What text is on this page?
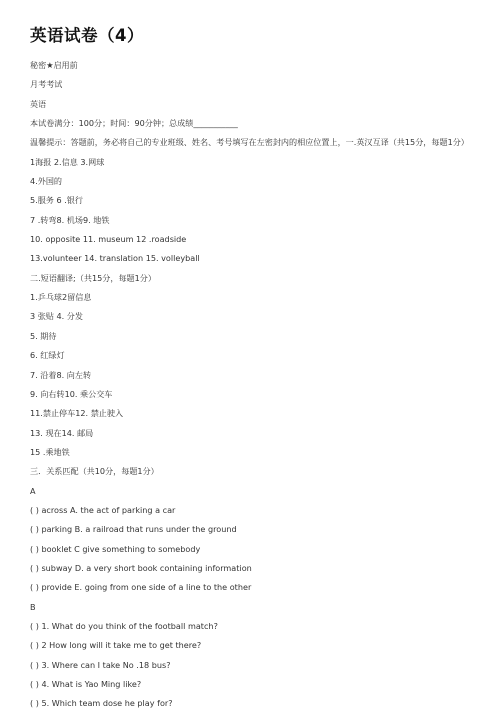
英语试卷（4）
秘密★启用前
月考考试
英语
本试卷满分：100分；时间：90分钟；总成绩___________
温馨提示：答题前，务必将自己的专业班级、姓名、考号填写在左密封内的相应位置上，一.英汉互译（共15分，每题1分）
1海报 2.信息 3.网球
4.外国的
5.服务 6 .银行
7 .转弯8. 机场9. 地铁
10. opposite 11. museum 12 .roadside
13.volunteer 14. translation 15. volleyball
二.短语翻译;（共15分，每题1分）
1.乒乓球2留信息
3 张贴 4. 分发
5. 期待
6. 红绿灯
7. 沿着8. 向左转
9. 向右转10. 乘公交车
11.禁止停车12. 禁止驶入
13. 现在14. 邮局
15 .乘地铁
三．关系匹配（共10分，每题1分）
A
( ) across A. the act of parking a car
( ) parking B. a railroad that runs under the ground
( ) booklet C give something to somebody
( ) subway D. a very short book containing information
( ) provide E. going from one side of a line to the other
B
( ) 1. What do you think of the football match?
( ) 2 How long will it take me to get there?
( ) 3. Where can I take No .18 bus?
( ) 4. What is Yao Ming like?
( ) 5. Which team dose he play for?
